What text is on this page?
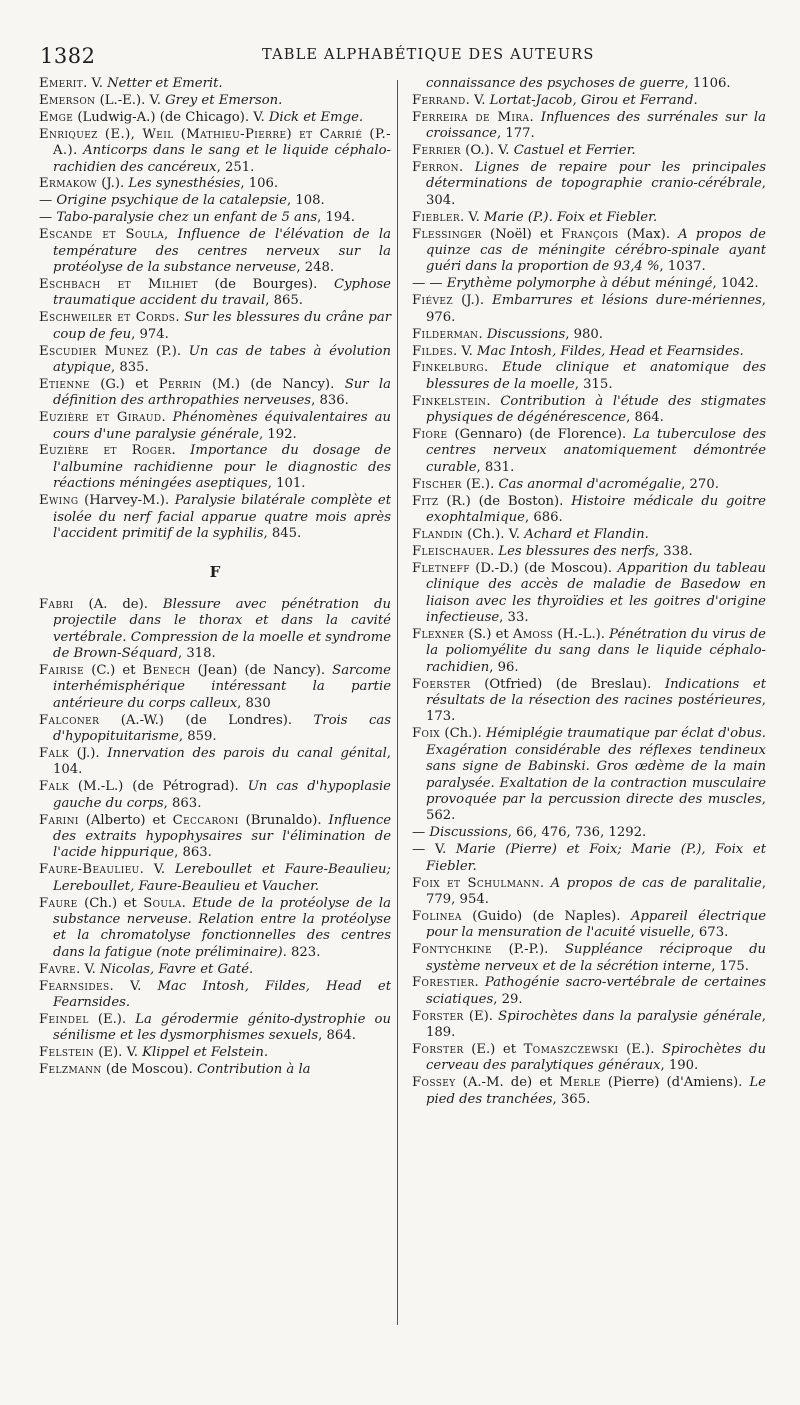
1382	TABLE ALPHABÉTIQUE DES AUTEURS

Emerit. V. Netter et Emerit.

Emerson (L.-E.). V. Grey et Emerson.

Emge (Ludwig-A.) (de Chicago). V. Dick et Emge.

Enriquez (E.), Weil (Mathieu-Pierre) et Carrié (P.-A.). Anticorps dans le sang et le liquide céphalo-rachidien des cancéreux, 251.

Ermakow (J.). Les synesthésies, 106.

— Origine psychique de la catalepsie, 108.

— Tabo-paralysie chez un enfant de 5 ans, 194.

Escande et Soula, Influence de l'élévation de la température des centres nerveux sur la protéolyse de la substance nerveuse, 248.

Eschbach et Milhiet (de Bourges). Cyphose traumatique accident du travail, 865.

Eschweiler et Cords. Sur les blessures du crâne par coup de feu, 974.

Escudier Munez (P.). Un cas de tabes à évolution atypique, 835.

Etienne (G.) et Perrin (M.) (de Nancy). Sur la définition des arthropathies nerveuses, 836.

Euzière et Giraud. Phénomènes équivalentaires au cours d'une paralysie générale, 192.

Euzière et Roger. Importance du dosage de l'albumine rachidienne pour le diagnostic des réactions méningées aseptiques, 101.

Ewing (Harvey-M.). Paralysie bilatérale complète et isolée du nerf facial apparue quatre mois après l'accident primitif de la syphilis, 845.

F

Fabri (A. de). Blessure avec pénétration du projectile dans le thorax et dans la cavité vertébrale. Compression de la moelle et syndrome de Brown-Séquard, 318.

Fairise (C.) et Benech (Jean) (de Nancy). Sarcome interhémisphérique intéressant la partie antérieure du corps calleux, 830

Falconer (A.-W.) (de Londres). Trois cas d'hypopituitarisme, 859.

Falk (J.). Innervation des parois du canal génital, 104.

Falk (M.-L.) (de Pétrograd). Un cas d'hypoplasie gauche du corps, 863.

Farini (Alberto) et Ceccaroni (Brunaldo). Influence des extraits hypophysaires sur l'élimination de l'acide hippurique, 863.

Faure-Beaulieu. V. Lereboullet et Faure-Beaulieu; Lereboullet, Faure-Beaulieu et Vaucher.

Faure (Ch.) et Soula. Etude de la protéolyse de la substance nerveuse. Relation entre la protéolyse et la chromatolyse fonctionnelles des centres dans la fatigue (note préliminaire). 823.

Favre. V. Nicolas, Favre et Gaté.

Fearnsides. V. Mac Intosh, Fildes, Head et Fearnsides.

Feindel (E.). La gérodermie génito-dystrophie ou sénilisme et les dysmorphismes sexuels, 864.

Felstein (E). V. Klippel et Felstein.

Felzmann (de Moscou). Contribution à la

connaissance des psychoses de guerre, 1106.

Ferrand. V. Lortat-Jacob, Girou et Ferrand.

Ferreira de Mira. Influences des surrénales sur la croissance, 177.

Ferrier (O.). V. Castuel et Ferrier.

Ferron. Lignes de repaire pour les principales déterminations de topographie cranio-cérébrale, 304.

Fiebler. V. Marie (P.). Foix et Fiebler.

Flessinger (Noël) et François (Max). A propos de quinze cas de méningite cérébro-spinale ayant guéri dans la proportion de 93,4 %, 1037.

— — Erythème polymorphe à début méningé, 1042.

Fiévez (J.). Embarrures et lésions dure-mériennes, 976.

Filderman. Discussions, 980.

Fildes. V. Mac Intosh, Fildes, Head et Fearnsides.

Finkelburg. Etude clinique et anatomique des blessures de la moelle, 315.

Finkelstein. Contribution à l'étude des stigmates physiques de dégénérescence, 864.

Fiore (Gennaro) (de Florence). La tuberculose des centres nerveux anatomiquement démontrée curable, 831.

Fischer (E.). Cas anormal d'acromégalie, 270.

Fitz (R.) (de Boston). Histoire médicale du goitre exophtalmique, 686.

Flandin (Ch.). V. Achard et Flandin.

Fleischauer. Les blessures des nerfs, 338.

Fletneff (D.-D.) (de Moscou). Apparition du tableau clinique des accès de maladie de Basedow en liaison avec les thyroïdies et les goitres d'origine infectieuse, 33.

Flexner (S.) et Amoss (H.-L.). Pénétration du virus de la poliomyélite du sang dans le liquide céphalo-rachidien, 96.

Foerster (Otfried) (de Breslau). Indications et résultats de la résection des racines postérieures, 173.

Foix (Ch.). Hémiplégie traumatique par éclat d'obus. Exagération considérable des réflexes tendineux sans signe de Babinski. Gros œdème de la main paralysée. Exaltation de la contraction musculaire provoquée par la percussion directe des muscles, 562.

— Discussions, 66, 476, 736, 1292.

— V. Marie (Pierre) et Foix; Marie (P.), Foix et Fiebler.

Foix et Schulmann. A propos de cas de paralitalie, 779, 954.

Folinea (Guido) (de Naples). Appareil électrique pour la mensuration de l'acuité visuelle, 673.

Fontychkine (P.-P.). Suppléance réciproque du système nerveux et de la sécrétion interne, 175.

Forestier. Pathogénie sacro-vertébrale de certaines sciatiques, 29.

Forster (E). Spirochètes dans la paralysie générale, 189.

Forster (E.) et Tomaszczewski (E.). Spirochètes du cerveau des paralytiques généraux, 190.

Fossey (A.-M. de) et Merle (Pierre) (d'Amiens). Le pied des tranchées, 365.
